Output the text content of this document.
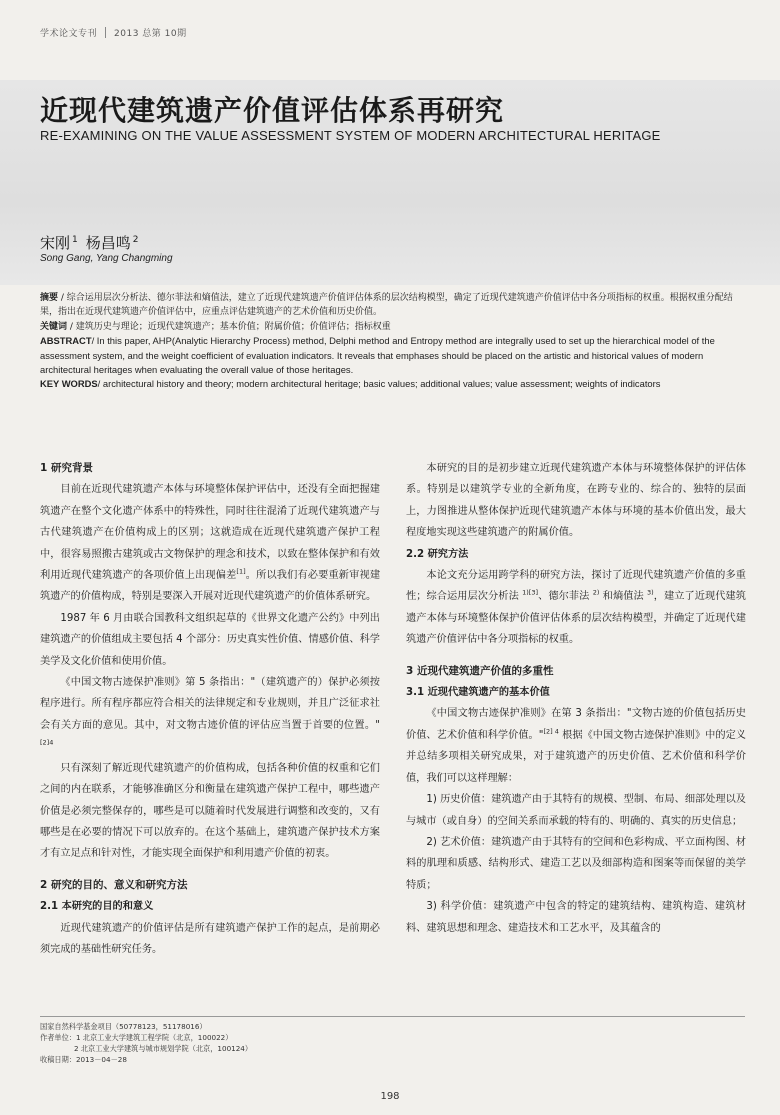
学术论文专刊 2013 总第 10期
近现代建筑遗产价值评估体系再研究
RE-EXAMINING ON THE VALUE ASSESSMENT SYSTEM OF MODERN ARCHITECTURAL HERITAGE
宋刚 $^1$ 杨昌鸣 $^2$
Song Gang, Yang Changming

摘要 / 综合运用层次分析法、德尔菲法和熵值法，建立了近现代建筑遗产价值评估体系的层次结构模型，确定了近现代建筑遗产价值评估中各分项指标的权重。根据权重分配结果，指出在近现代建筑遗产价值评估中，应重点评估建筑遗产的艺术价值和历史价值。

关键词 / 建筑历史与理论；近现代建筑遗产；基本价值；附属价值；价值评估；指标权重

ABSTRACT/ In this paper, AHP(Analytic Hierarchy Process) method, Delphi method and Entropy method are integrally used to set up the hierarchical model of the assessment system, and the weight coefficient of evaluation indicators. It reveals that emphases should be placed on the artistic and historical values of modern architectural heritages when evaluating the overall value of those heritages.

KEY WORDS/ architectural history and theory; modern architectural heritage; basic values; additional values; value assessment; weights of indicators

1 研究背景

目前在近现代建筑遗产本体与环境整体保护评估中，还没有全面把握建筑遗产在整个文化遗产体系中的特殊性，同时往往混淆了近现代建筑遗产与古代建筑遗产在价值构成上的区别；这就造成在近现代建筑遗产保护工程中，很容易照搬古建筑或古文物保护的理念和技术，以致在整体保护和有效利用近现代建筑遗产的各项价值上出现偏差[1]。所以我们有必要重新审视建筑遗产的价值构成，特别是要深入开展对近现代建筑遗产的价值体系研究。

1987 年 6 月由联合国教科文组织起草的《世界文化遗产公约》中列出建筑遗产的价值组成主要包括 4 个部分：历史真实性价值、情感价值、科学美学及文化价值和使用价值。

《中国文物古迹保护准则》第 5 条指出："（建筑遗产的）保护必须按程序进行。所有程序都应符合相关的法律规定和专业规则，并且广泛征求社会有关方面的意见。其中，对文物古迹价值的评估应当置于首要的位置。"$^{[2]4}$

只有深刻了解近现代建筑遗产的价值构成，包括各种价值的权重和它们之间的内在联系，才能够准确区分和衡量在建筑遗产保护工程中，哪些遗产价值是必须完整保存的，哪些是可以随着时代发展进行调整和改变的，又有哪些是在必要的情况下可以放弃的。在这个基础上，建筑遗产保护技术方案才有立足点和针对性，才能实现全面保护和利用遗产价值的初衷。

2 研究的目的、意义和研究方法
2.1 本研究的目的和意义

近现代建筑遗产的价值评估是所有建筑遗产保护工作的起点，是前期必须完成的基础性研究任务。

本研究的目的是初步建立近现代建筑遗产本体与环境整体保护的评估体系。特别是以建筑学专业的全新角度，在跨专业的、综合的、独特的层面上，力图推进从整体保护近现代建筑遗产本体与环境的基本价值出发，最大程度地实现这些建筑遗产的附属价值。

2.2 研究方法

本论文充分运用跨学科的研究方法，探讨了近现代建筑遗产价值的多重性；综合运用层次分析法 $^{1)[3]}$、德尔菲法 $^{2)}$ 和熵值法 $^{3)}$，建立了近现代建筑遗产本体与环境整体保护价值评估体系的层次结构模型，并确定了近现代建筑遗产价值评估中各分项指标的权重。

3 近现代建筑遗产价值的多重性
3.1 近现代建筑遗产的基本价值

《中国文物古迹保护准则》在第 3 条指出："文物古迹的价值包括历史价值、艺术价值和科学价值。"$^{[2] 4}$ 根据《中国文物古迹保护准则》中的定义并总结多项相关研究成果，对于建筑遗产的历史价值、艺术价值和科学价值，我们可以这样理解：

1) 历史价值：建筑遗产由于其特有的规模、型制、布局、细部处理以及与城市（或自身）的空间关系而承载的特有的、明确的、真实的历史信息；

2) 艺术价值：建筑遗产由于其特有的空间和色彩构成、平立面构图、材料的肌理和质感、结构形式、建造工艺以及细部构造和图案等而保留的美学特质；

3) 科学价值：建筑遗产中包含的特定的建筑结构、建筑构造、建筑材料、建筑思想和理念、建造技术和工艺水平，及其蕴含的

国家自然科学基金项目（50778123，51178016）

作者单位：1 北京工业大学建筑工程学院（北京，100022）

2 北京工业大学建筑与城市规划学院（北京，100124）

收稿日期：2013－04－28

198
